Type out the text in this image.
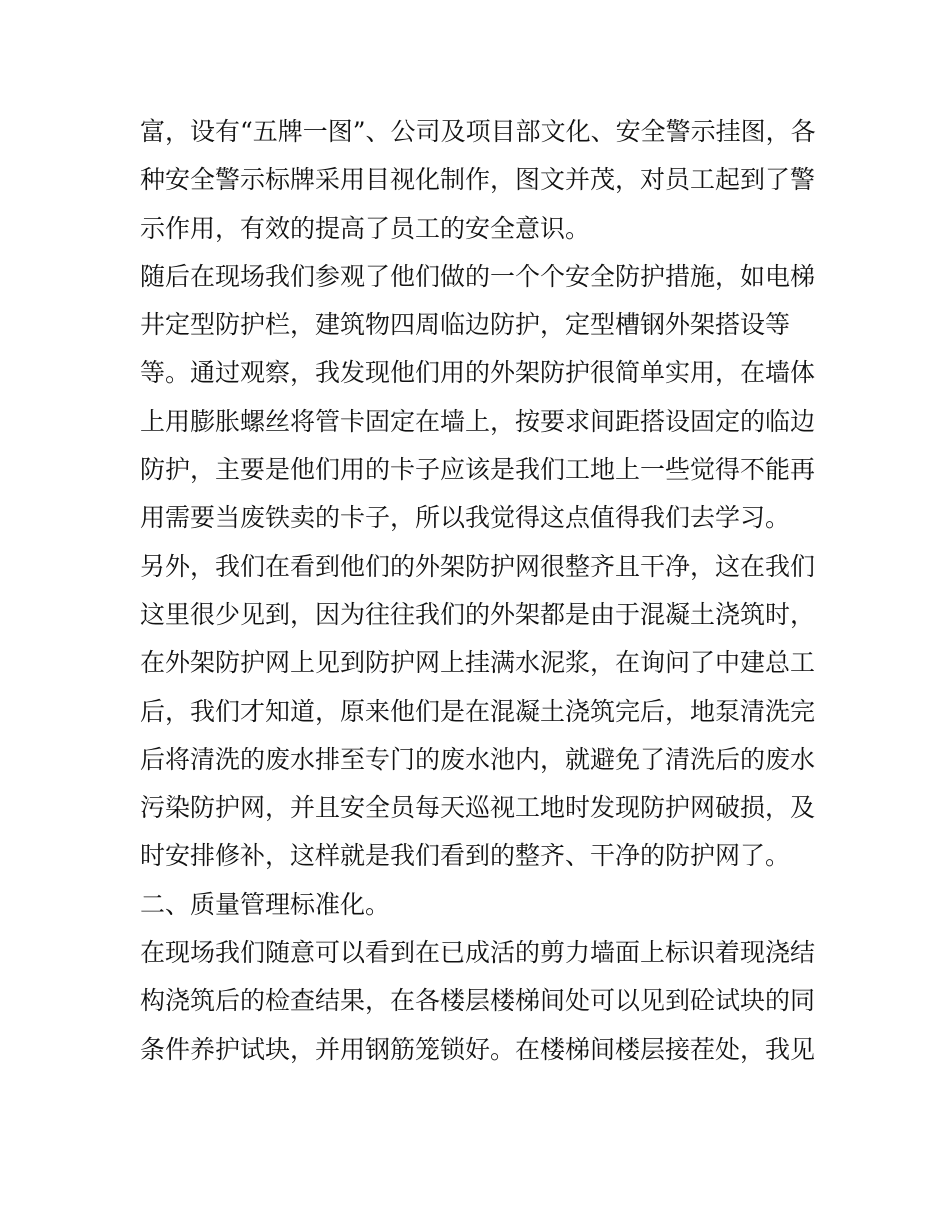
富，设有“五牌一图”、公司及项目部文化、安全警示挂图，各
种安全警示标牌采用目视化制作，图文并茂，对员工起到了警
示作用，有效的提高了员工的安全意识。
随后在现场我们参观了他们做的一个个安全防护措施，如电梯
井定型防护栏，建筑物四周临边防护，定型槽钢外架搭设等
等。通过观察，我发现他们用的外架防护很简单实用，在墙体
上用膨胀螺丝将管卡固定在墙上，按要求间距搭设固定的临边
防护，主要是他们用的卡子应该是我们工地上一些觉得不能再
用需要当废铁卖的卡子，所以我觉得这点值得我们去学习。
另外，我们在看到他们的外架防护网很整齐且干净，这在我们
这里很少见到，因为往往我们的外架都是由于混凝土浇筑时，
在外架防护网上见到防护网上挂满水泥浆，在询问了中建总工
后，我们才知道，原来他们是在混凝土浇筑完后，地泵清洗完
后将清洗的废水排至专门的废水池内，就避免了清洗后的废水
污染防护网，并且安全员每天巡视工地时发现防护网破损，及
时安排修补，这样就是我们看到的整齐、干净的防护网了。
二、质量管理标准化。
在现场我们随意可以看到在已成活的剪力墙面上标识着现浇结
构浇筑后的检查结果，在各楼层楼梯间处可以见到砼试块的同
条件养护试块，并用钢筋笼锁好。在楼梯间楼层接茬处，我见
